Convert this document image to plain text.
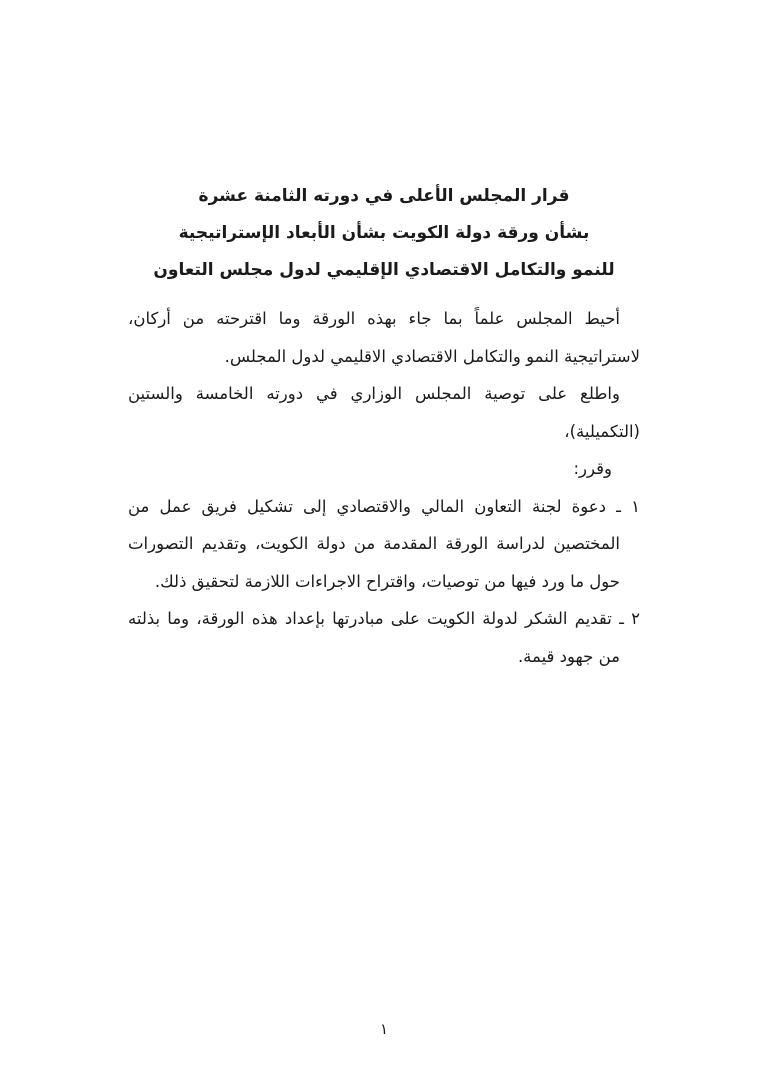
قرار المجلس الأعلى في دورته الثامنة عشرة
بشأن ورقة دولة الكويت بشأن الأبعاد الإستراتيجية
للنمو والتكامل الاقتصادي الإقليمي لدول مجلس التعاون

أحيط المجلس علماً بما جاء بهذه الورقة وما اقترحته من أركان، لاستراتيجية النمو والتكامل الاقتصادي الاقليمي لدول المجلس.

واطلع على توصية المجلس الوزاري في دورته الخامسة والستين (التكميلية)،

وقرر:

١ ـ دعوة لجنة التعاون المالي والاقتصادي إلى تشكيل فريق عمل من المختصين لدراسة الورقة المقدمة من دولة الكويت، وتقديم التصورات حول ما ورد فيها من توصيات، واقتراح الاجراءات اللازمة لتحقيق ذلك.

٢ ـ تقديم الشكر لدولة الكويت على مبادرتها بإعداد هذه الورقة، وما بذلته من جهود قيمة.

١
